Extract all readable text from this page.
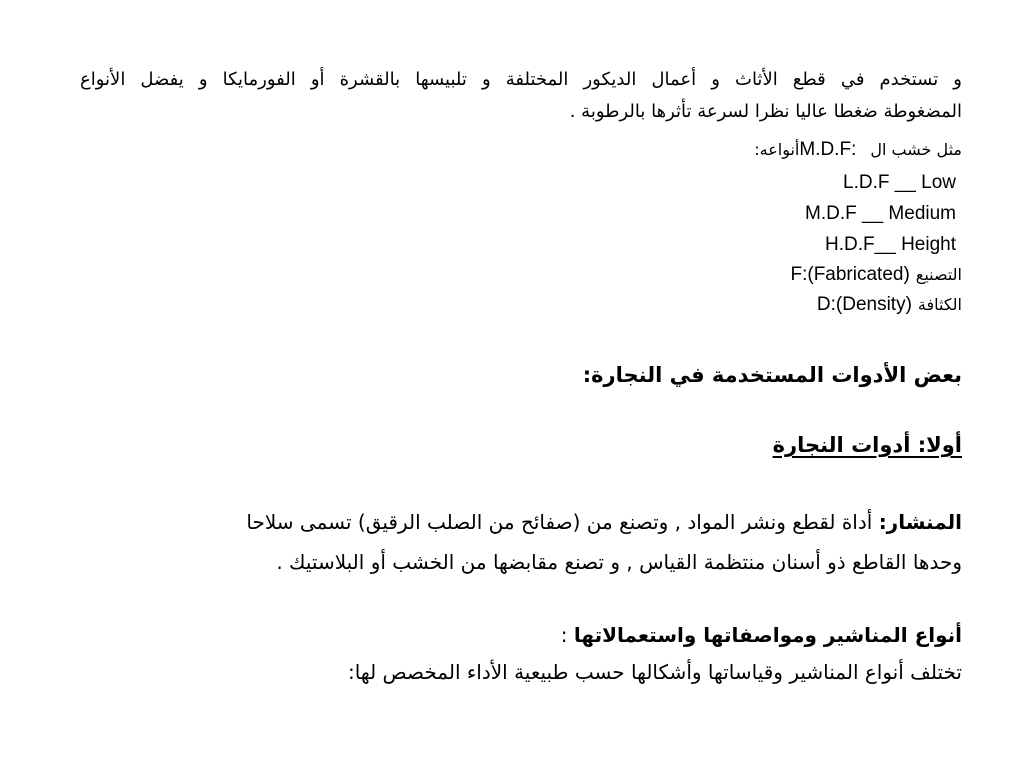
و تستخدم في قطع الأثاث و أعمال الديكور المختلفة و تلبيسها بالقشرة أو الفورمايكا و يفضل الأنواع
المضغوطة ضغطا عاليا نظرا لسرعة تأثرها بالرطوبة .
مثل خشب ال
M.D.F:
أنواعه:
L.D.F __ Low
M.D.F __ Medium
H.D.F__ Height
التصنيع
F:(Fabricated)
الكثافة
D:(Density)
بعض الأدوات المستخدمة في النجارة:
أولا: أدوات النجارة
المنشار: أداة لقطع ونشر المواد , وتصنع من (صفائح من الصلب الرقيق) تسمى سلاحا
وحدها القاطع ذو أسنان منتظمة القياس , و تصنع مقابضها من الخشب أو البلاستيك .
أنواع المناشير ومواصفاتها واستعمالاتها :
تختلف أنواع المناشير وقياساتها وأشكالها حسب طبيعية الأداء المخصص لها:
